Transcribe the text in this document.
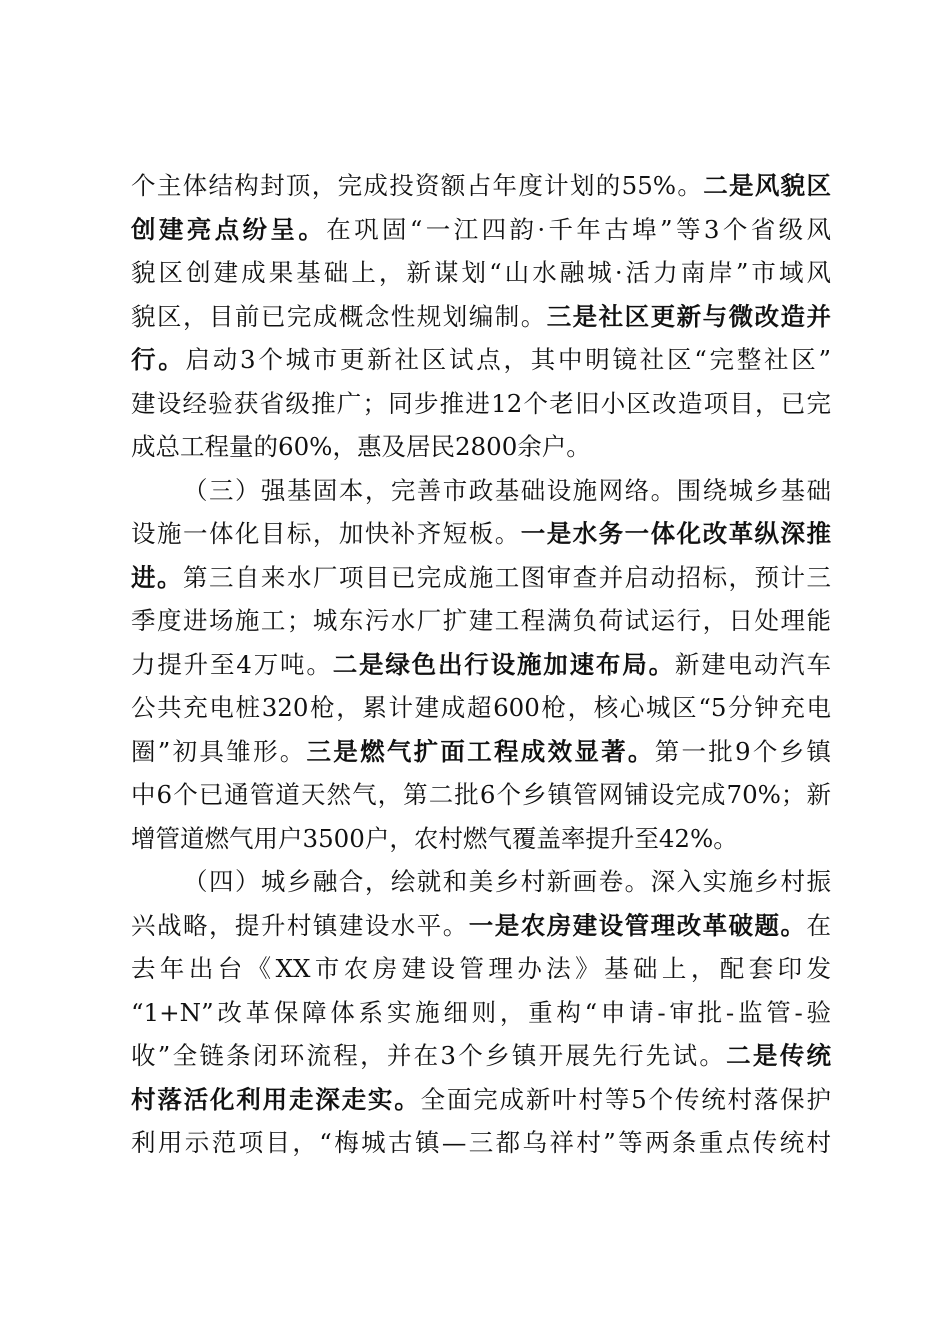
个主体结构封顶，完成投资额占年度计划的55%。二是风貌区
创建亮点纷呈。在巩固“一江四韵·千年古埠”等3个省级风
貌区创建成果基础上，新谋划“山水融城·活力南岸”市域风
貌区，目前已完成概念性规划编制。三是社区更新与微改造并
行。启动3个城市更新社区试点，其中明镜社区“完整社区”
建设经验获省级推广；同步推进12个老旧小区改造项目，已完
成总工程量的60%，惠及居民2800余户。
（三）强基固本，完善市政基础设施网络。围绕城乡基础
设施一体化目标，加快补齐短板。一是水务一体化改革纵深推
进。第三自来水厂项目已完成施工图审查并启动招标，预计三
季度进场施工；城东污水厂扩建工程满负荷试运行，日处理能
力提升至4万吨。二是绿色出行设施加速布局。新建电动汽车
公共充电桩320枪，累计建成超600枪，核心城区“5分钟充电
圈”初具雏形。三是燃气扩面工程成效显著。第一批9个乡镇
中6个已通管道天然气，第二批6个乡镇管网铺设完成70%；新
增管道燃气用户3500户，农村燃气覆盖率提升至42%。
（四）城乡融合，绘就和美乡村新画卷。深入实施乡村振
兴战略，提升村镇建设水平。一是农房建设管理改革破题。在
去年出台《XX市农房建设管理办法》基础上，配套印发
“1+N”改革保障体系实施细则，重构“申请-审批-监管-验
收”全链条闭环流程，并在3个乡镇开展先行先试。二是传统
村落活化利用走深走实。全面完成新叶村等5个传统村落保护
利用示范项目，“梅城古镇—三都乌祥村”等两条重点传统村
